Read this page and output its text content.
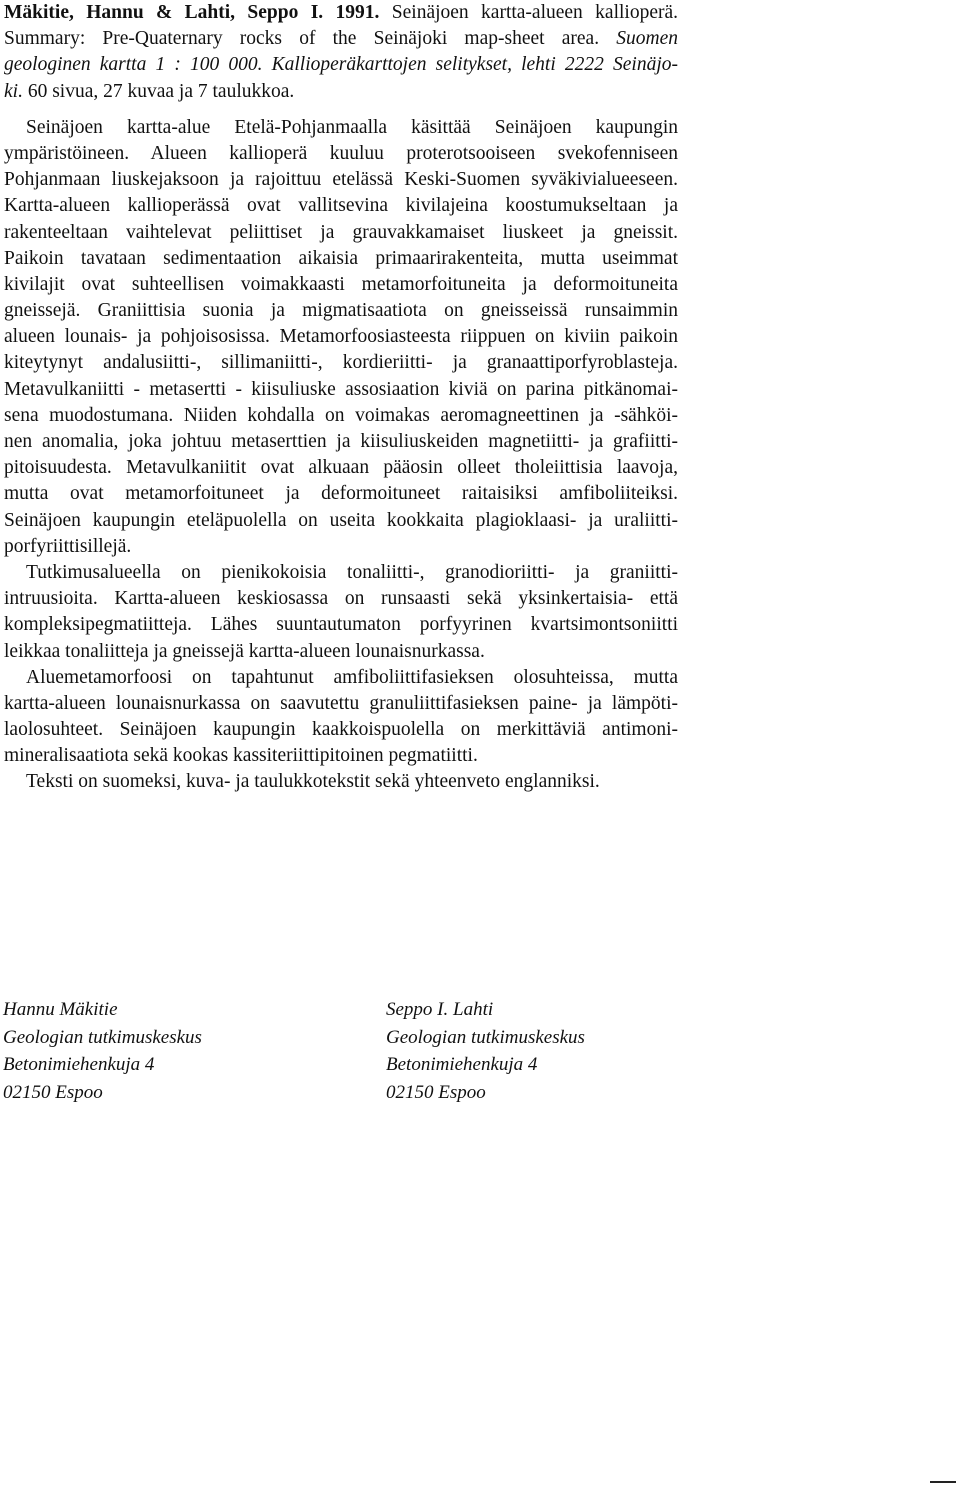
Mäkitie, Hannu & Lahti, Seppo I. 1991. Seinäjoen kartta-alueen kallioperä.
Summary: Pre-Quaternary rocks of the Seinäjoki map-sheet area. Suomen
geologinen kartta 1 : 100 000. Kallioperäkarttojen selitykset, lehti 2222 Seinäjo-
ki. 60 sivua, 27 kuvaa ja 7 taulukkoa.
Seinäjoen kartta-alue Etelä-Pohjanmaalla käsittää Seinäjoen kaupungin
ympäristöineen. Alueen kallioperä kuuluu proterotsooiseen svekofenniseen
Pohjanmaan liuskejaksoon ja rajoittuu etelässä Keski-Suomen syväkivialueeseen.
Kartta-alueen kallioperässä ovat vallitsevina kivilajeina koostumukseltaan ja
rakenteeltaan vaihtelevat peliittiset ja grauvakkamaiset liuskeet ja gneissit.
Paikoin tavataan sedimentaation aikaisia primaarirakenteita, mutta useimmat
kivilajit ovat suhteellisen voimakkaasti metamorfoituneita ja deformoituneita
gneissejä. Graniittisia suonia ja migmatisaatiota on gneisseissä runsaimmin
alueen lounais- ja pohjoisosissa. Metamorfoosiasteesta riippuen on kiviin paikoin
kiteytynyt andalusiitti-, sillimaniitti-, kordieriitti- ja granaattiporfyroblasteja.
Metavulkaniitti - metasertti - kiisuliuske assosiaation kiviä on parina pitkänomai-
sena muodostumana. Niiden kohdalla on voimakas aeromagneettinen ja -sähköi-
nen anomalia, joka johtuu metaserttien ja kiisuliuskeiden magnetiitti- ja grafiitti-
pitoisuudesta. Metavulkaniitit ovat alkuaan pääosin olleet tholeiittisia laavoja,
mutta ovat metamorfoituneet ja deformoituneet raitaisiksi amfiboliiteiksi.
Seinäjoen kaupungin eteläpuolella on useita kookkaita plagioklaasi- ja uraliitti-
porfyriittisillejä.
Tutkimusalueella on pienikokoisia tonaliitti-, granodioriitti- ja graniitti-
intruusioita. Kartta-alueen keskiosassa on runsaasti sekä yksinkertaisia- että
kompleksipegmatiitteja. Lähes suuntautumaton porfyyrinen kvartsimontsoniitti
leikkaa tonaliitteja ja gneissejä kartta-alueen lounaisnurkassa.
Aluemetamorfoosi on tapahtunut amfiboliittifasieksen olosuhteissa, mutta
kartta-alueen lounaisnurkassa on saavutettu granuliittifasieksen paine- ja lämpöti-
laolosuhteet. Seinäjoen kaupungin kaakkoispuolella on merkittäviä antimoni-
mineralisaatiota sekä kookas kassiteriittipitoinen pegmatiitti.
Teksti on suomeksi, kuva- ja taulukkotekstit sekä yhteenveto englanniksi.
Hannu Mäkitie
Geologian tutkimuskeskus
Betonimiehenkuja 4
02150 Espoo
Seppo I. Lahti
Geologian tutkimuskeskus
Betonimiehenkuja 4
02150 Espoo
